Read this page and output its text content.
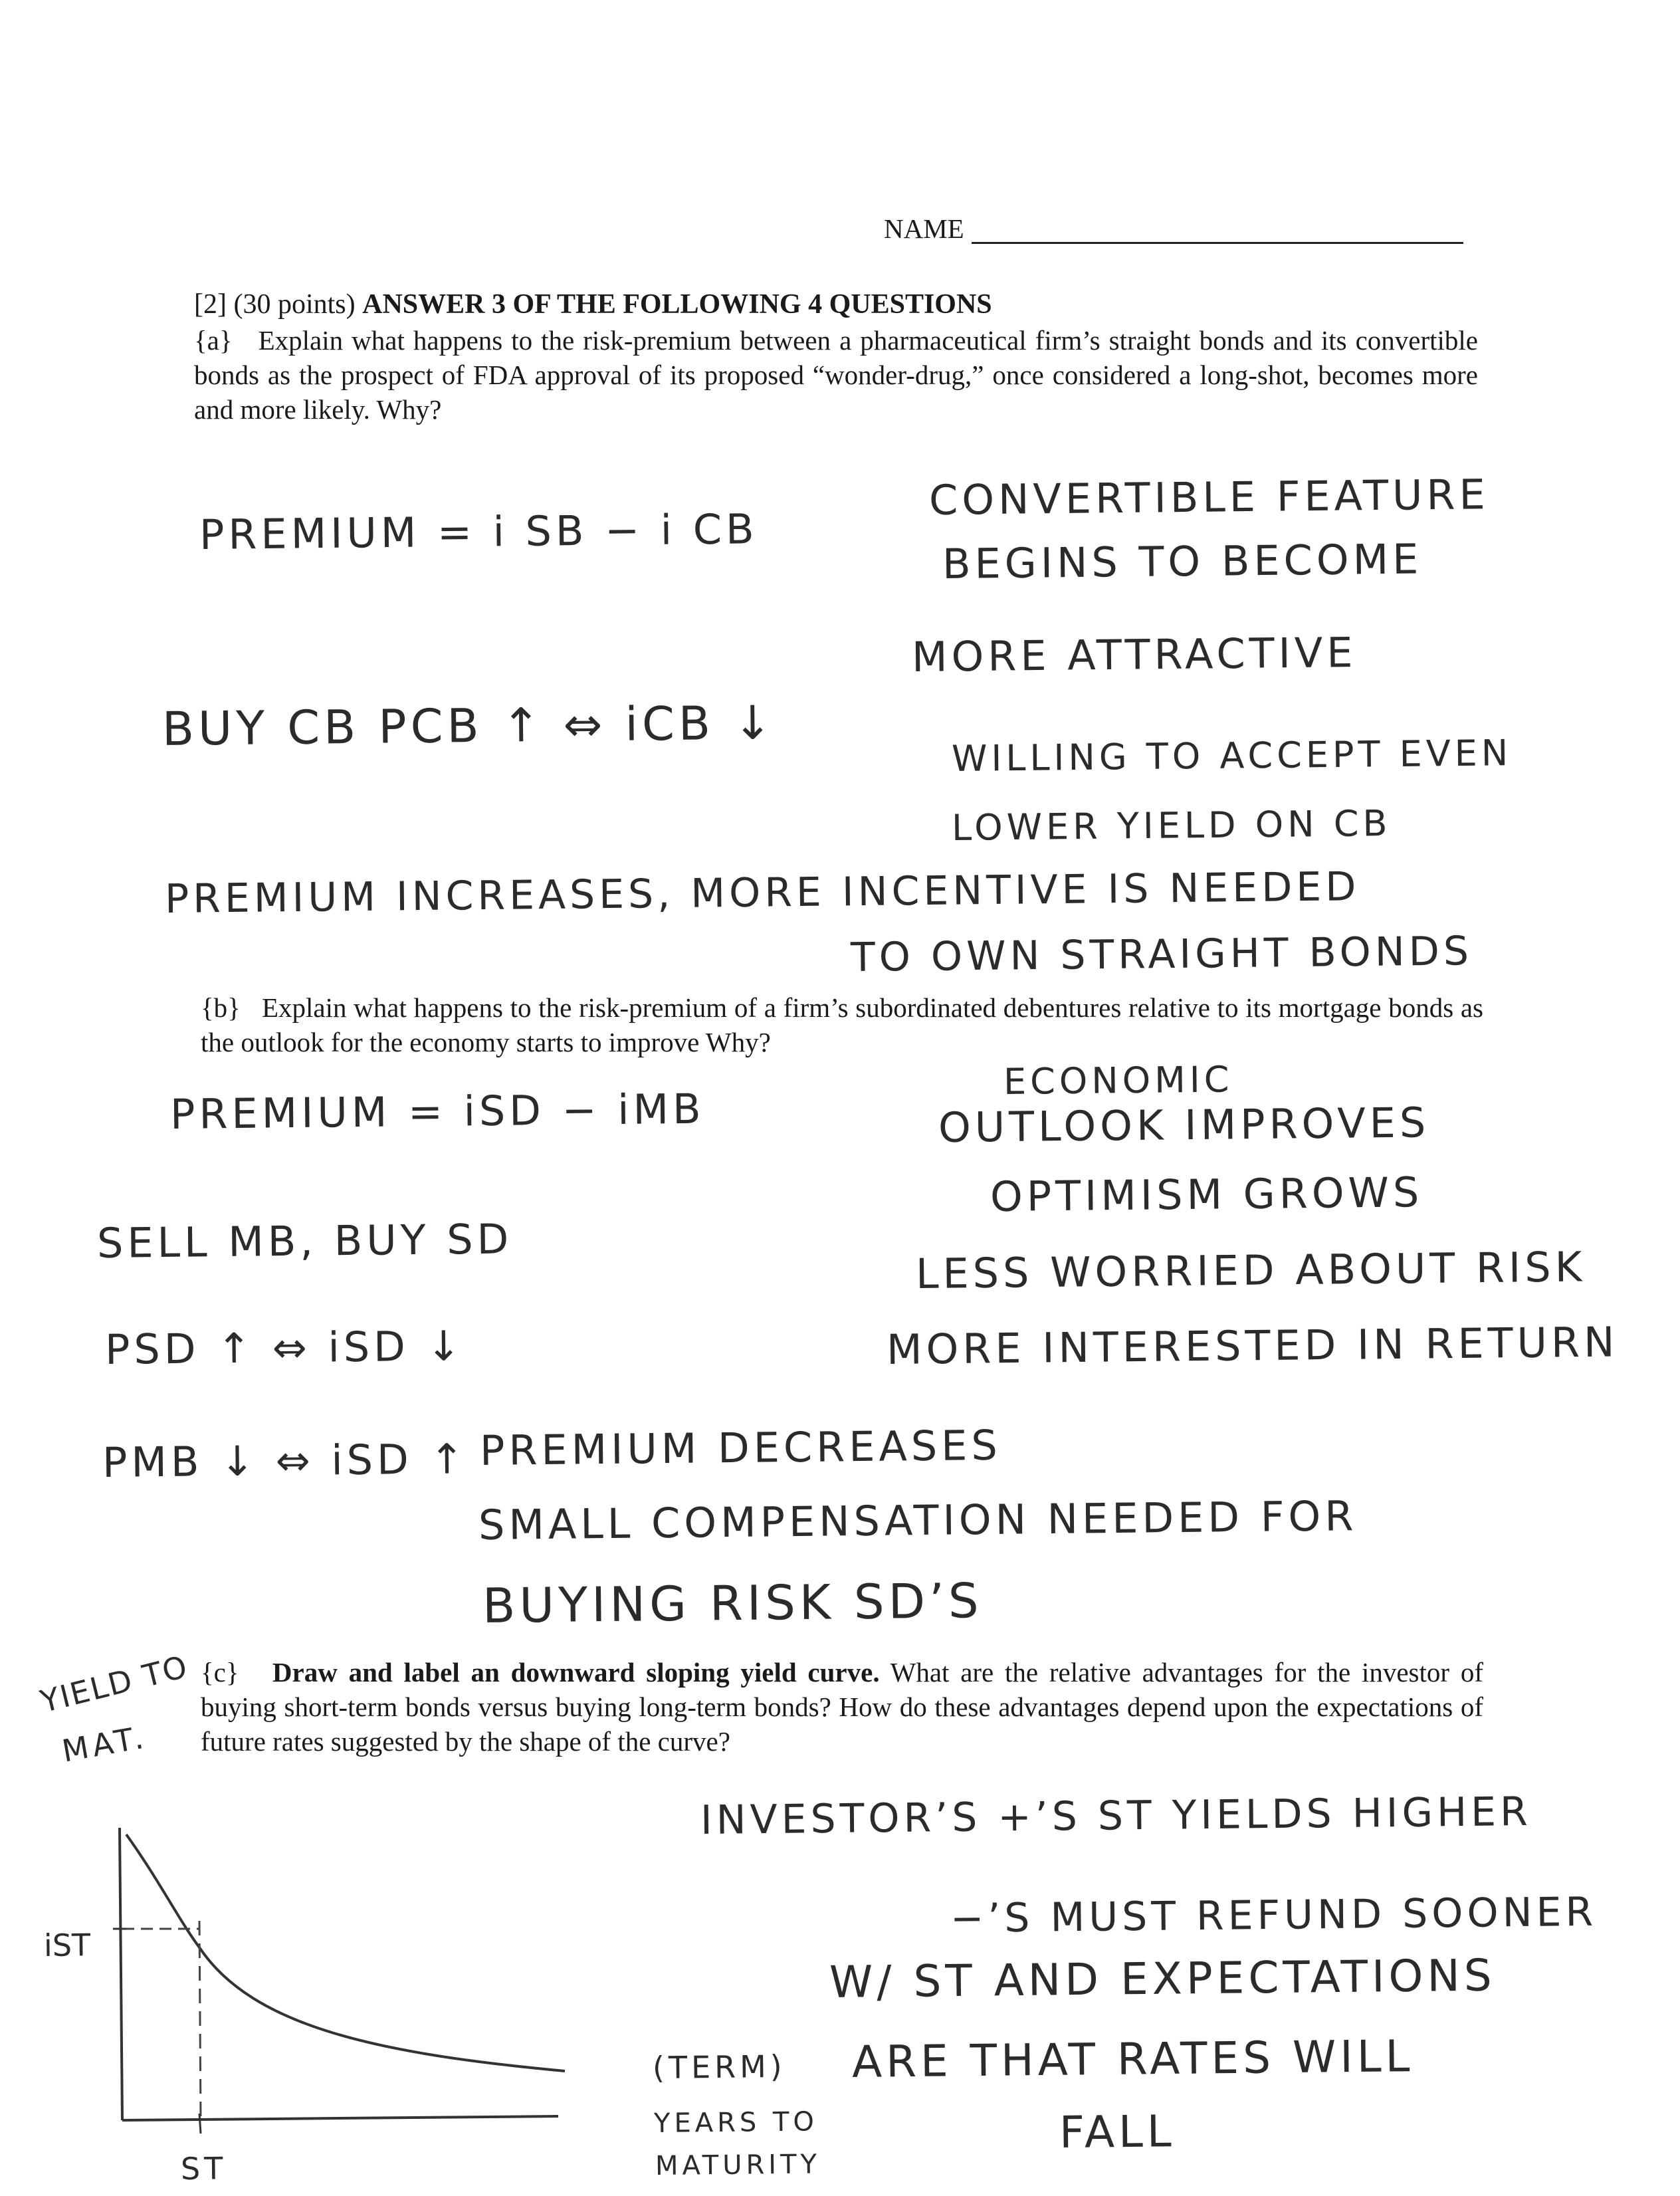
NAME
[2] (30 points) ANSWER 3 OF THE FOLLOWING 4 QUESTIONS
{a} Explain what happens to the risk-premium between a pharmaceutical firm’s straight bonds and its convertible bonds as the prospect of FDA approval of its proposed “wonder-drug,” once considered a long-shot, becomes more and more likely. Why?
PREMIUM = i SB − i CB
CONVERTIBLE FEATURE
BEGINS TO BECOME
MORE ATTRACTIVE
BUY CB PCB ↑ ⇔ iCB ↓	WILLING TO ACCEPT EVEN
LOWER YIELD ON CB
PREMIUM INCREASES, MORE INCENTIVE IS NEEDED
TO OWN STRAIGHT BONDS
{b} Explain what happens to the risk-premium of a firm’s subordinated debentures relative to its mortgage bonds as the outlook for the economy starts to improve Why?
PREMIUM = iSD − iMB
ECONOMIC
OUTLOOK IMPROVES
OPTIMISM GROWS
LESS WORRIED ABOUT RISK
MORE INTERESTED IN RETURN
SELL MB, BUY SD
PSD ↑ ⇔ iSD ↓
PMB ↓ ⇔ iSD ↑ PREMIUM DECREASES
SMALL COMPENSATION NEEDED FOR
BUYING RISK SD’S
{c} Draw and label an downward sloping yield curve. What are the relative advantages for the investor of buying short-term bonds versus buying long-term bonds? How do these advantages depend upon the expectations of future rates suggested by the shape of the curve?
YIELD TO
MAT.
iST
ST
(TERM)
YEARS TO
MATURITY
INVESTOR’S +’S ST YIELDS HIGHER
−’S MUST REFUND SOONER
W/ ST AND EXPECTATIONS
ARE THAT RATES WILL
FALL
